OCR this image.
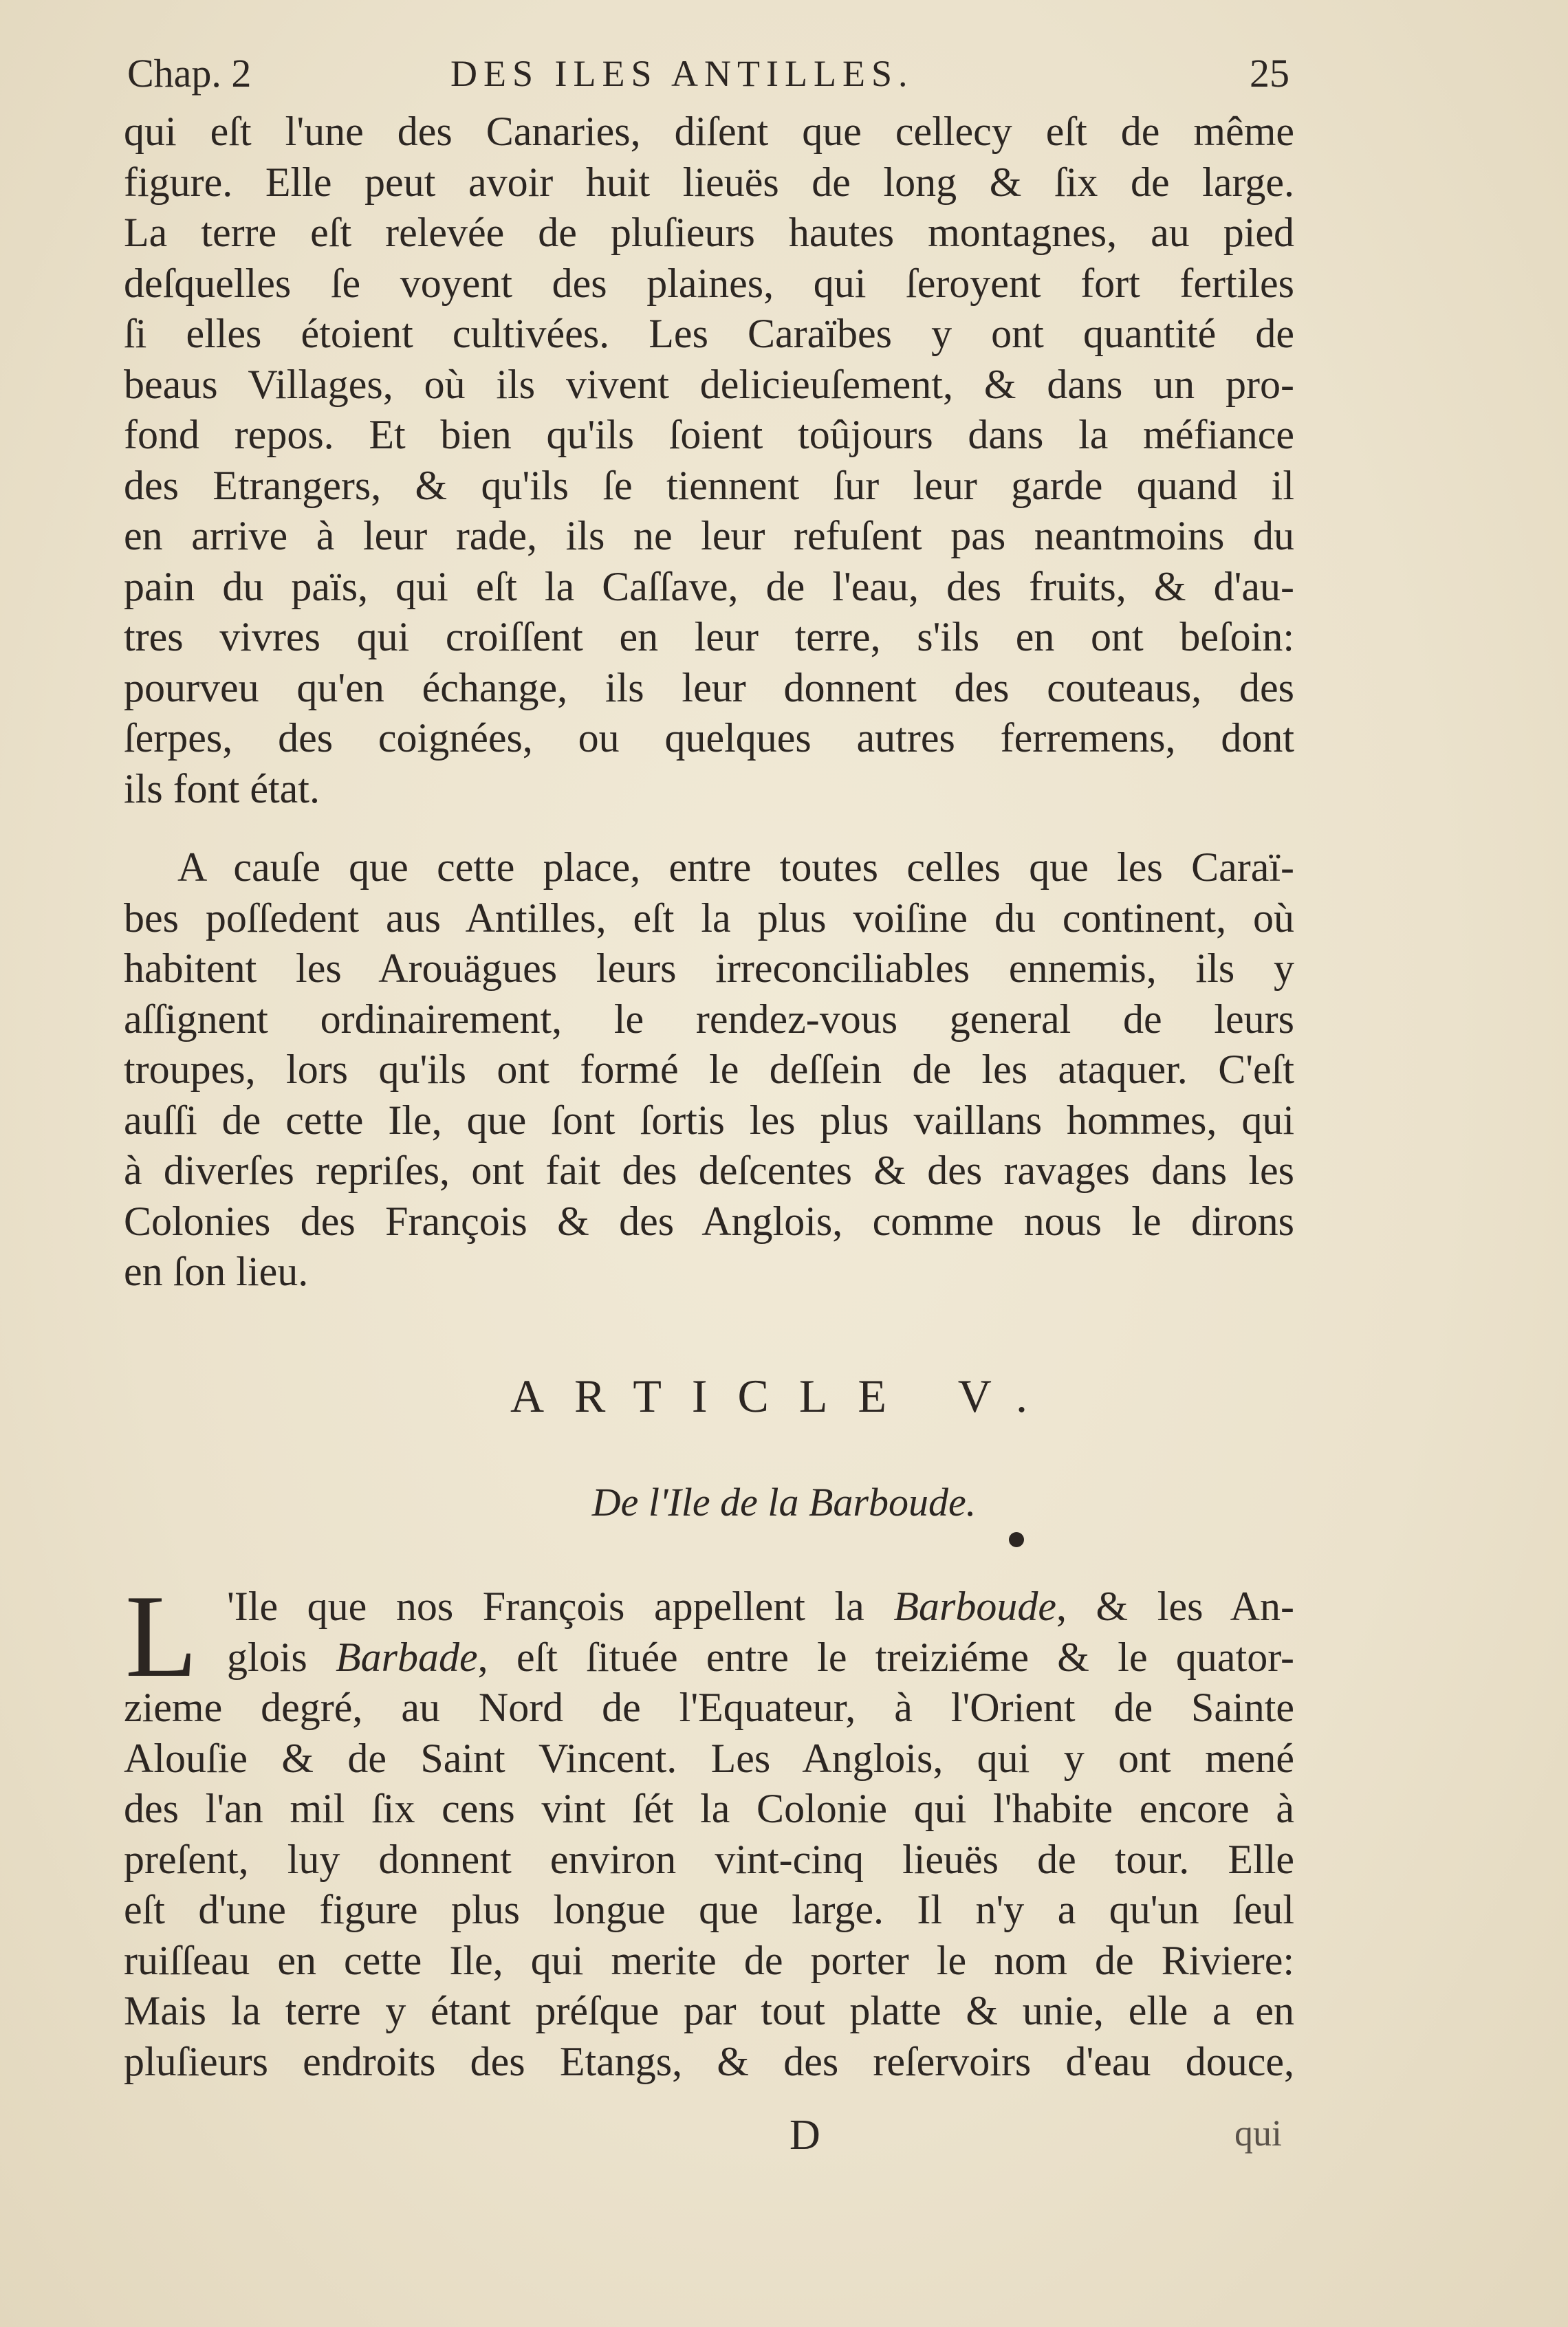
Chap. 2	DES ILES ANTILLES.	25
qui eſt l'une des Canaries, diſent que cellecy eſt de même
figure. Elle peut avoir huit lieuës de long & ſix de large.
La terre eſt relevée de pluſieurs hautes montagnes, au pied
deſquelles ſe voyent des plaines, qui ſeroyent fort fertiles
ſi elles étoient cultivées. Les Caraïbes y ont quantité de
beaus Villages, où ils vivent delicieuſement, & dans un pro-
fond repos. Et bien qu'ils ſoient toûjours dans la méfiance
des Etrangers, & qu'ils ſe tiennent ſur leur garde quand il
en arrive à leur rade, ils ne leur refuſent pas neantmoins du
pain du païs, qui eſt la Caſſave, de l'eau, des fruits, & d'au-
tres vivres qui croiſſent en leur terre, s'ils en ont beſoin:
pourveu qu'en échange, ils leur donnent des couteaus, des
ſerpes, des coignées, ou quelques autres ferremens, dont
ils font état.
A cauſe que cette place, entre toutes celles que les Caraï-
bes poſſedent aus Antilles, eſt la plus voiſine du continent, où
habitent les Arouägues leurs irreconciliables ennemis, ils y
aſſignent ordinairement, le rendez-vous general de leurs
troupes, lors qu'ils ont formé le deſſein de les ataquer. C'eſt
auſſi de cette Ile, que ſont ſortis les plus vaillans hommes, qui
à diverſes repriſes, ont fait des deſcentes & des ravages dans les
Colonies des François & des Anglois, comme nous le dirons
en ſon lieu.
ARTICLE V.
De l'Ile de la Barboude.
L 'Ile que nos François appellent la Barboude, & les An-
glois Barbade, eſt ſituée entre le treiziéme & le quator-
zieme degré, au Nord de l'Equateur, à l'Orient de Sainte
Alouſie & de Saint Vincent. Les Anglois, qui y ont mené
des l'an mil ſix cens vint ſét la Colonie qui l'habite encore à
preſent, luy donnent environ vint-cinq lieuës de tour. Elle
eſt d'une figure plus longue que large. Il n'y a qu'un ſeul
ruiſſeau en cette Ile, qui merite de porter le nom de Riviere:
Mais la terre y étant préſque par tout platte & unie, elle a en
pluſieurs endroits des Etangs, & des reſervoirs d'eau douce,
D	qui
